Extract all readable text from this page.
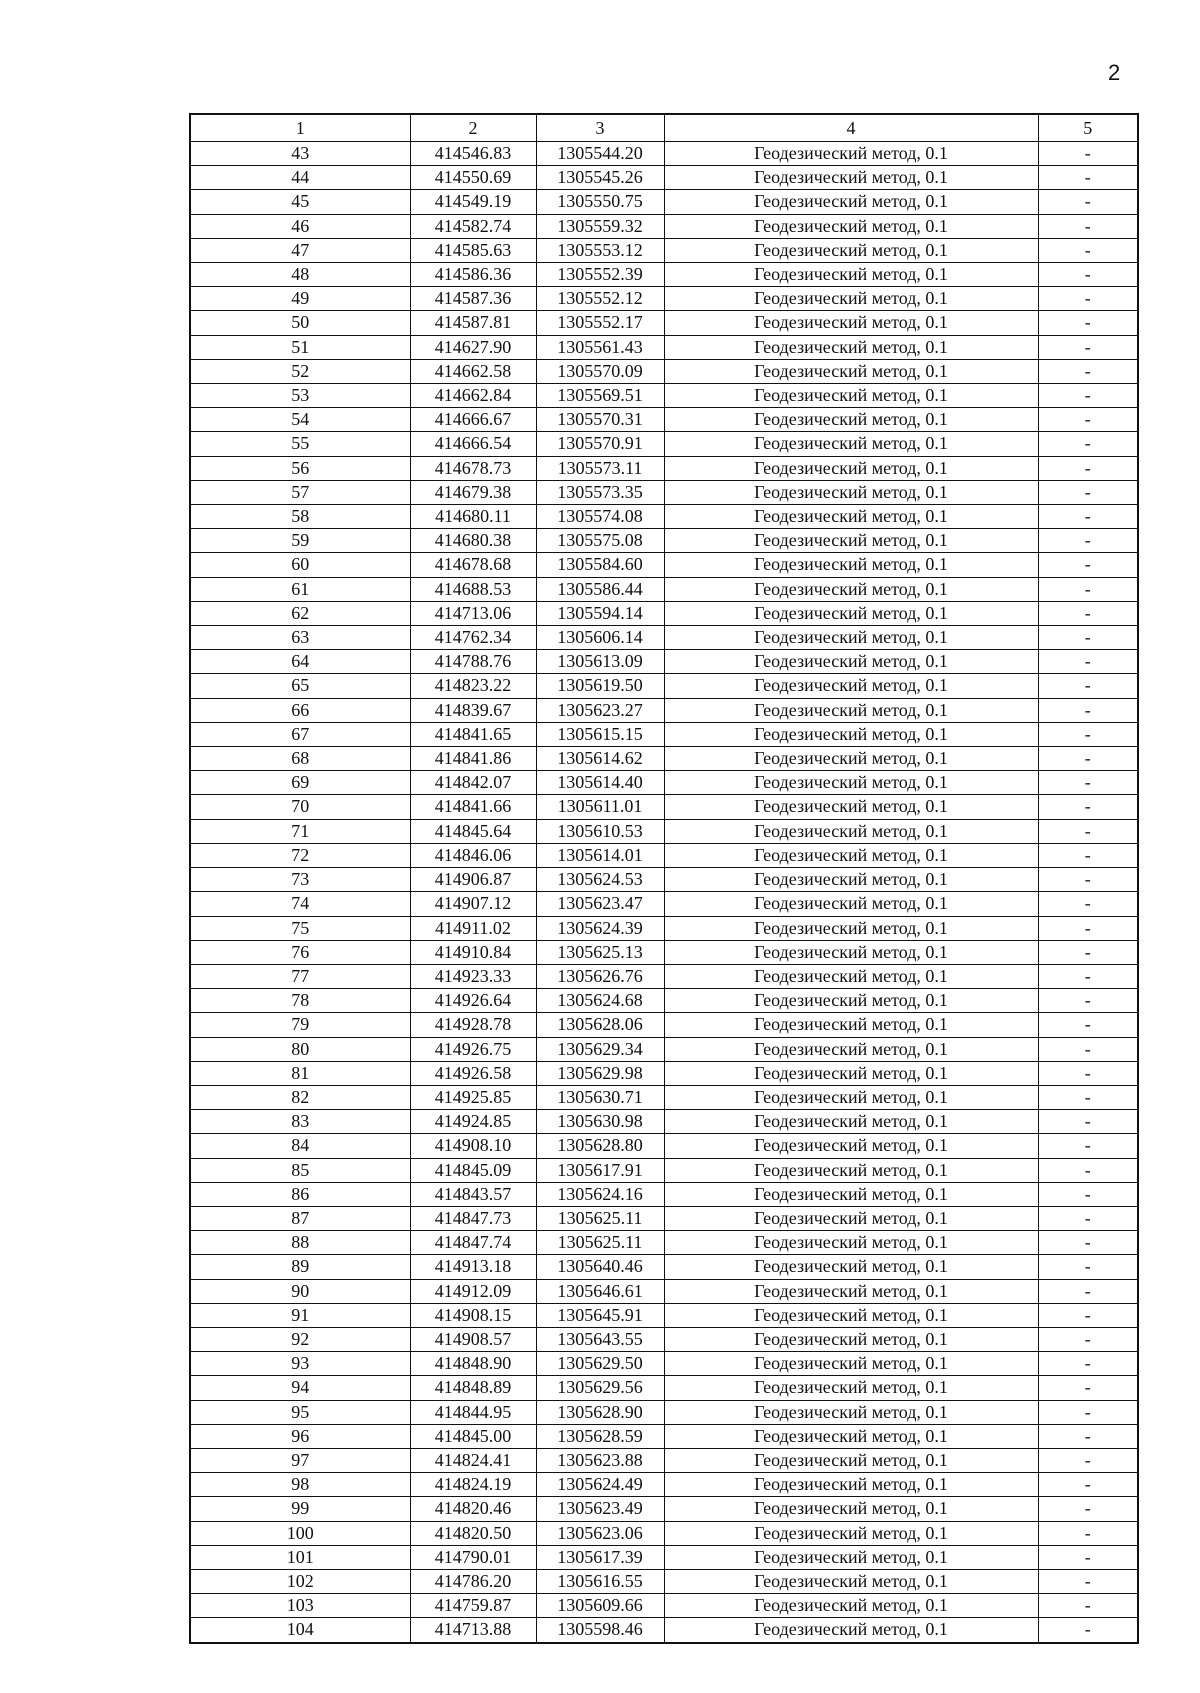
2
1	2	3	4	5
43	414546.83	1305544.20	Геодезический метод, 0.1	-
44	414550.69	1305545.26	Геодезический метод, 0.1	-
45	414549.19	1305550.75	Геодезический метод, 0.1	-
46	414582.74	1305559.32	Геодезический метод, 0.1	-
47	414585.63	1305553.12	Геодезический метод, 0.1	-
48	414586.36	1305552.39	Геодезический метод, 0.1	-
49	414587.36	1305552.12	Геодезический метод, 0.1	-
50	414587.81	1305552.17	Геодезический метод, 0.1	-
51	414627.90	1305561.43	Геодезический метод, 0.1	-
52	414662.58	1305570.09	Геодезический метод, 0.1	-
53	414662.84	1305569.51	Геодезический метод, 0.1	-
54	414666.67	1305570.31	Геодезический метод, 0.1	-
55	414666.54	1305570.91	Геодезический метод, 0.1	-
56	414678.73	1305573.11	Геодезический метод, 0.1	-
57	414679.38	1305573.35	Геодезический метод, 0.1	-
58	414680.11	1305574.08	Геодезический метод, 0.1	-
59	414680.38	1305575.08	Геодезический метод, 0.1	-
60	414678.68	1305584.60	Геодезический метод, 0.1	-
61	414688.53	1305586.44	Геодезический метод, 0.1	-
62	414713.06	1305594.14	Геодезический метод, 0.1	-
63	414762.34	1305606.14	Геодезический метод, 0.1	-
64	414788.76	1305613.09	Геодезический метод, 0.1	-
65	414823.22	1305619.50	Геодезический метод, 0.1	-
66	414839.67	1305623.27	Геодезический метод, 0.1	-
67	414841.65	1305615.15	Геодезический метод, 0.1	-
68	414841.86	1305614.62	Геодезический метод, 0.1	-
69	414842.07	1305614.40	Геодезический метод, 0.1	-
70	414841.66	1305611.01	Геодезический метод, 0.1	-
71	414845.64	1305610.53	Геодезический метод, 0.1	-
72	414846.06	1305614.01	Геодезический метод, 0.1	-
73	414906.87	1305624.53	Геодезический метод, 0.1	-
74	414907.12	1305623.47	Геодезический метод, 0.1	-
75	414911.02	1305624.39	Геодезический метод, 0.1	-
76	414910.84	1305625.13	Геодезический метод, 0.1	-
77	414923.33	1305626.76	Геодезический метод, 0.1	-
78	414926.64	1305624.68	Геодезический метод, 0.1	-
79	414928.78	1305628.06	Геодезический метод, 0.1	-
80	414926.75	1305629.34	Геодезический метод, 0.1	-
81	414926.58	1305629.98	Геодезический метод, 0.1	-
82	414925.85	1305630.71	Геодезический метод, 0.1	-
83	414924.85	1305630.98	Геодезический метод, 0.1	-
84	414908.10	1305628.80	Геодезический метод, 0.1	-
85	414845.09	1305617.91	Геодезический метод, 0.1	-
86	414843.57	1305624.16	Геодезический метод, 0.1	-
87	414847.73	1305625.11	Геодезический метод, 0.1	-
88	414847.74	1305625.11	Геодезический метод, 0.1	-
89	414913.18	1305640.46	Геодезический метод, 0.1	-
90	414912.09	1305646.61	Геодезический метод, 0.1	-
91	414908.15	1305645.91	Геодезический метод, 0.1	-
92	414908.57	1305643.55	Геодезический метод, 0.1	-
93	414848.90	1305629.50	Геодезический метод, 0.1	-
94	414848.89	1305629.56	Геодезический метод, 0.1	-
95	414844.95	1305628.90	Геодезический метод, 0.1	-
96	414845.00	1305628.59	Геодезический метод, 0.1	-
97	414824.41	1305623.88	Геодезический метод, 0.1	-
98	414824.19	1305624.49	Геодезический метод, 0.1	-
99	414820.46	1305623.49	Геодезический метод, 0.1	-
100	414820.50	1305623.06	Геодезический метод, 0.1	-
101	414790.01	1305617.39	Геодезический метод, 0.1	-
102	414786.20	1305616.55	Геодезический метод, 0.1	-
103	414759.87	1305609.66	Геодезический метод, 0.1	-
104	414713.88	1305598.46	Геодезический метод, 0.1	-
